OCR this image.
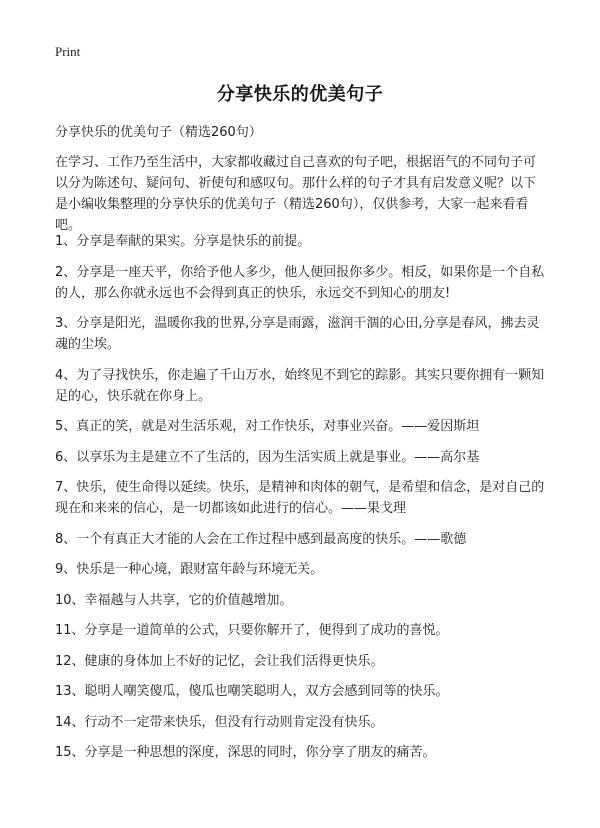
Print
分享快乐的优美句子

分享快乐的优美句子（精选260句）

在学习、工作乃至生活中，大家都收藏过自己喜欢的句子吧，根据语气的不同句子可以分为陈述句、疑问句、祈使句和感叹句。那什么样的句子才具有启发意义呢？以下是小编收集整理的分享快乐的优美句子（精选260句），仅供参考，大家一起来看看吧。

1、分享是奉献的果实。分享是快乐的前提。
2、分享是一座天平，你给予他人多少，他人便回报你多少。相反，如果你是一个自私的人，那么你就永远也不会得到真正的快乐，永远交不到知心的朋友!
3、分享是阳光，温暖你我的世界,分享是雨露，滋润干涸的心田,分享是春风，拂去灵魂的尘埃。
4、为了寻找快乐，你走遍了千山万水，始终见不到它的踪影。其实只要你拥有一颗知足的心，快乐就在你身上。
5、真正的笑，就是对生活乐观，对工作快乐，对事业兴奋。——爱因斯坦
6、以享乐为主是建立不了生活的，因为生活实质上就是事业。——高尔基
7、快乐，使生命得以延续。快乐，是精神和肉体的朝气，是希望和信念，是对自己的现在和来来的信心，是一切都该如此进行的信心。——果戈理
8、一个有真正大才能的人会在工作过程中感到最高度的快乐。——歌德
9、快乐是一种心境，跟财富年龄与环境无关。
10、幸福越与人共享，它的价值越增加。
11、分享是一道简单的公式，只要你解开了，便得到了成功的喜悦。
12、健康的身体加上不好的记忆，会让我们活得更快乐。
13、聪明人嘲笑傻瓜，傻瓜也嘲笑聪明人，双方会感到同等的快乐。
14、行动不一定带来快乐，但没有行动则肯定没有快乐。
15、分享是一种思想的深度，深思的同时，你分享了朋友的痛苦。
